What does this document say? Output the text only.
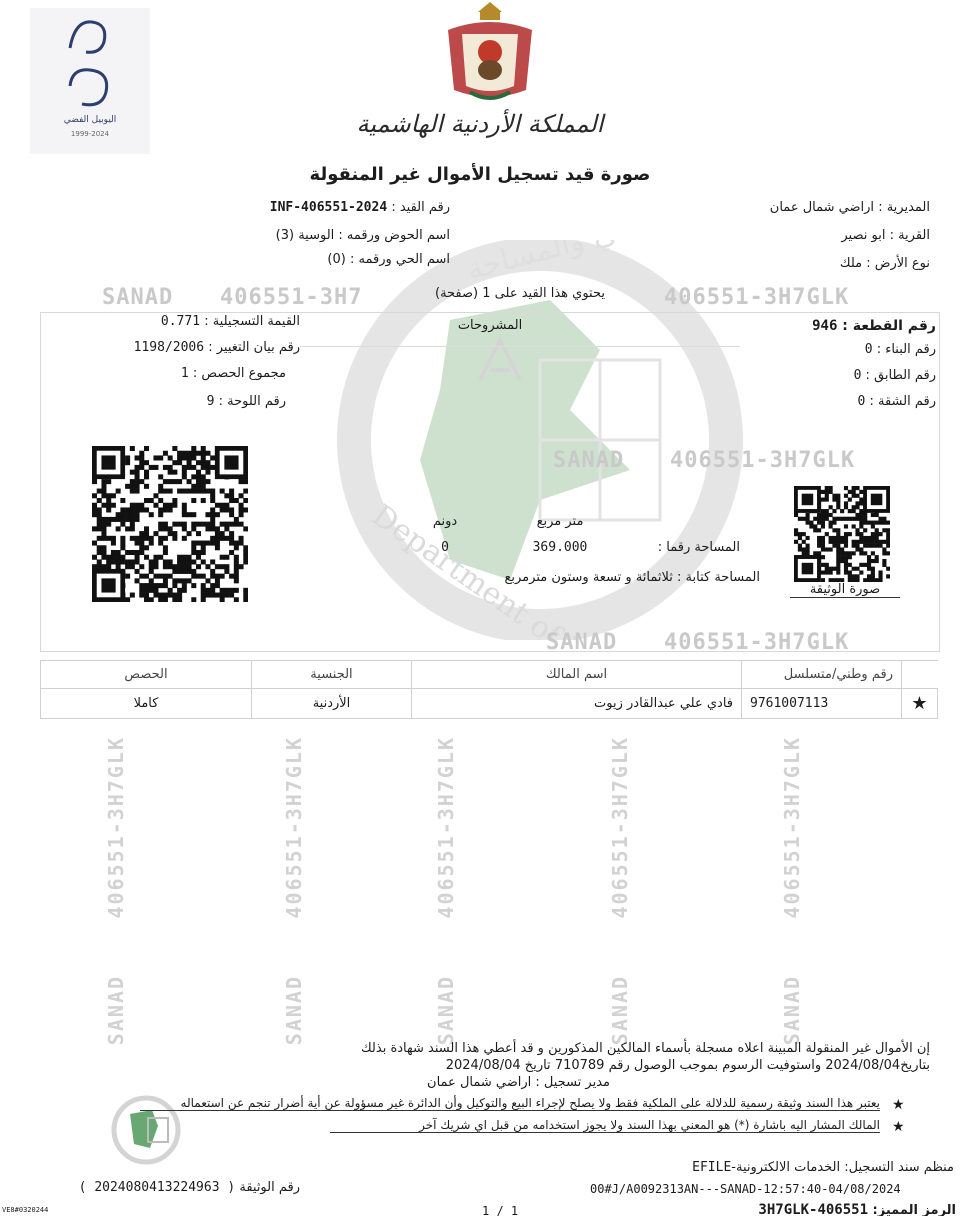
اليوبيل الفضي
1999-2024	المملكة الأردنية الهاشمية
صورة قيد تسجيل الأموال غير المنقولة
SANAD 406551-3H7	406551-3H7GLK
SANAD 406551-3H7GLK
SANAD 406551-3H7GLK
406551-3H7GLK	406551-3H7GLK	406551-3H7GLK	406551-3H7GLK	406551-3H7GLK
SANAD	SANAD	SANAD	SANAD	SANAD
المديرية : اراضي شمال عمان
القرية : ابو نصير
نوع الأرض : ملك
رقم القيد : 2024-INF-406551
اسم الحوض ورقمه : الوسية (3)
اسم الحي ورقمه : (0)
يحتوي هذا القيد على 1 (صفحة)
المشروحات	رقم القطعة : 946
رقم البناء : 0
رقم الطابق : 0
رقم الشقة : 0
القيمة التسجيلية : 0.771
رقم بيان التغيير : 1198/2006
مجموع الحصص : 1
رقم اللوحة : 9
صورة الوثيقة
متر مربع
دونم
المساحة رقما :
369.000
0
المساحة كتابة : ثلاثمائة و تسعة وستون مترمربع
	رقم وطني/متسلسل	اسم المالك	الجنسية	الحصص
★	9761007113	فادي علي عبدالقادر زيوت	الأردنية	كاملا
إن الأموال غير المنقولة المبينة اعلاه مسجلة بأسماء المالكين المذكورين و قد أعطي هذا السند شهادة بذلك
بتاريخ2024/08/04 واستوفيت الرسوم بموجب الوصول رقم 710789 تاريخ 2024/08/04
مدير تسجيل : اراضي شمال عمان
★
يعتبر هذا السند وثيقة رسمية للدلالة على الملكية فقط ولا يصلح لإجراء البيع والتوكيل وأن الدائرة غير مسؤولة عن أية أضرار تنجم عن استعماله
★
المالك المشار اليه باشارة (*) هو المعني بهذا السند ولا يجوز استخدامه من قبل اي شريك آخر
منظم سند التسجيل: الخدمات الالكترونية-EFILE
00#J/A0092313AN---SANAD-12:57:40-04/08/2024
رقم الوثيقة ( 2024080413224963 )
VE8#0320244	1 / 1	الرمز المميز: 406551-3H7GLK
